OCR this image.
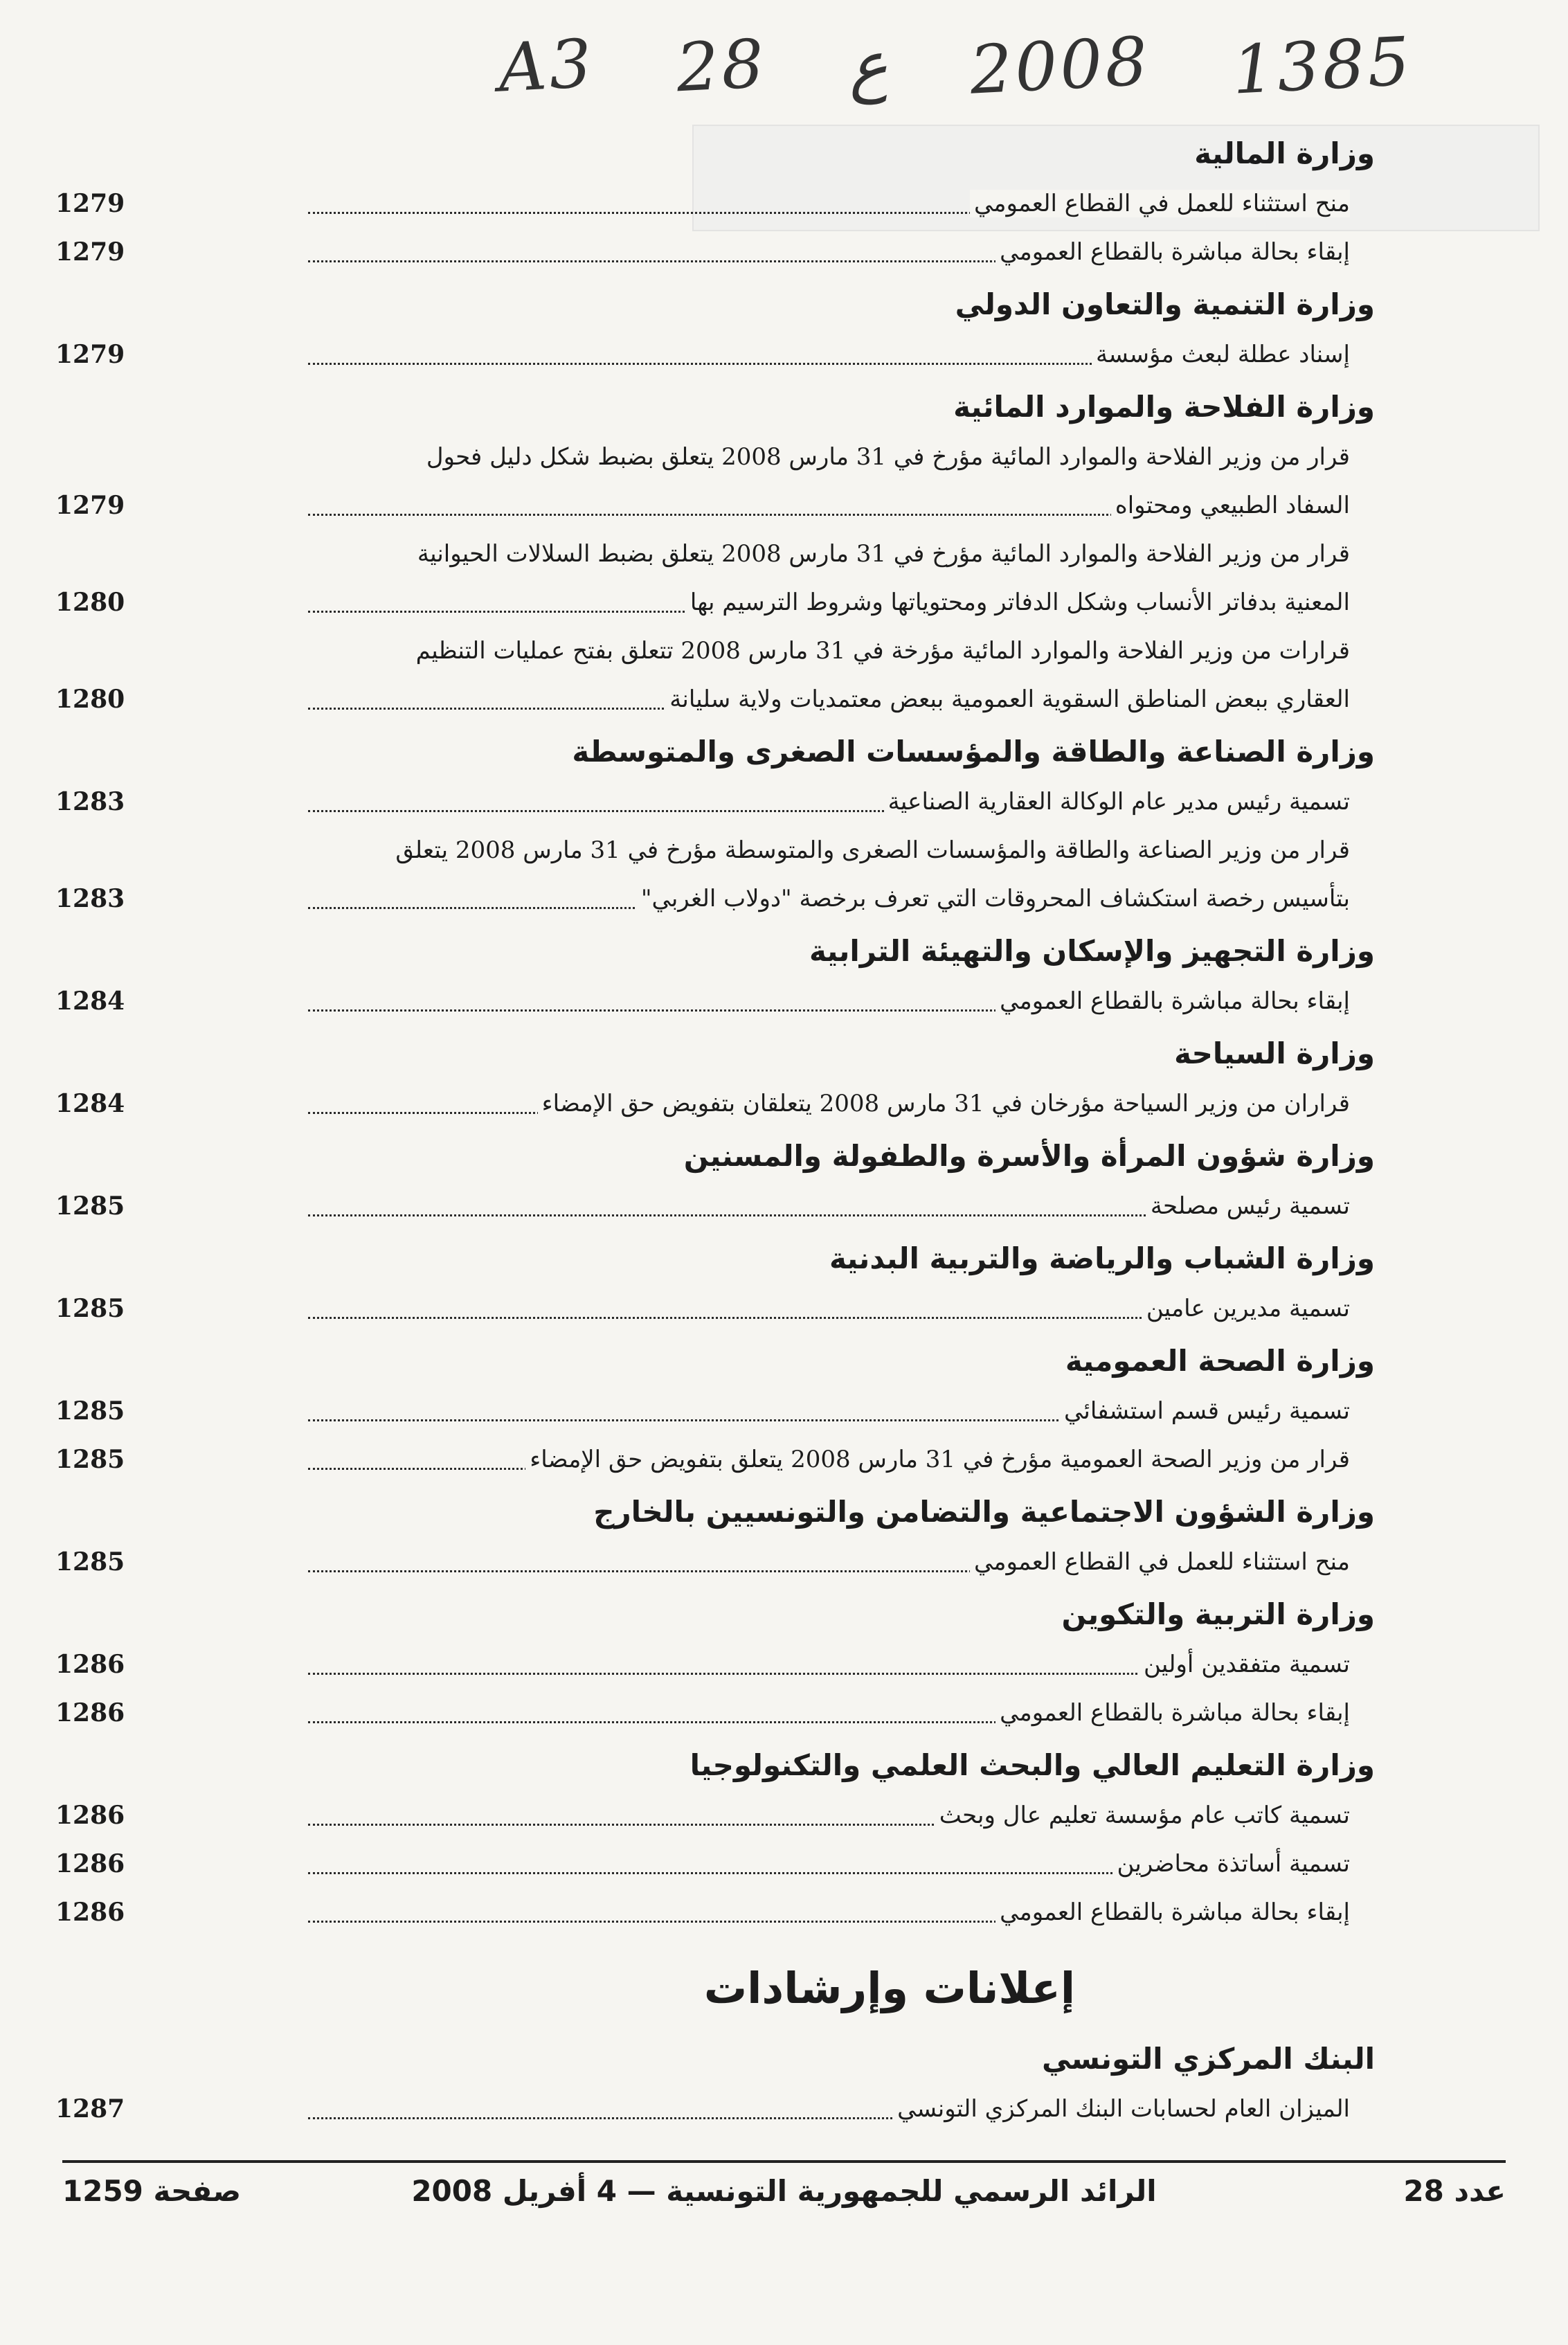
A3 28 ع 2008 1385
وزارة المالية
منح استثناء للعمل في القطاع العمومي
1279
إبقاء بحالة مباشرة بالقطاع العمومي
1279
وزارة التنمية والتعاون الدولي
إسناد عطلة لبعث مؤسسة
1279
وزارة الفلاحة والموارد المائية
قرار من وزير الفلاحة والموارد المائية مؤرخ في 31 مارس 2008 يتعلق بضبط شكل دليل فحول
السفاد الطبيعي ومحتواه
1279
قرار من وزير الفلاحة والموارد المائية مؤرخ في 31 مارس 2008 يتعلق بضبط السلالات الحيوانية
المعنية بدفاتر الأنساب وشكل الدفاتر ومحتوياتها وشروط الترسيم بها
1280
قرارات من وزير الفلاحة والموارد المائية مؤرخة في 31 مارس 2008 تتعلق بفتح عمليات التنظيم
العقاري ببعض المناطق السقوية العمومية ببعض معتمديات ولاية سليانة
1280
وزارة الصناعة والطاقة والمؤسسات الصغرى والمتوسطة
تسمية رئيس مدير عام الوكالة العقارية الصناعية
1283
قرار من وزير الصناعة والطاقة والمؤسسات الصغرى والمتوسطة مؤرخ في 31 مارس 2008 يتعلق
بتأسيس رخصة استكشاف المحروقات التي تعرف برخصة "دولاب الغربي"
1283
وزارة التجهيز والإسكان والتهيئة الترابية
إبقاء بحالة مباشرة بالقطاع العمومي
1284
وزارة السياحة
قراران من وزير السياحة مؤرخان في 31 مارس 2008 يتعلقان بتفويض حق الإمضاء
1284
وزارة شؤون المرأة والأسرة والطفولة والمسنين
تسمية رئيس مصلحة
1285
وزارة الشباب والرياضة والتربية البدنية
تسمية مديرين عامين
1285
وزارة الصحة العمومية
تسمية رئيس قسم استشفائي
1285
قرار من وزير الصحة العمومية مؤرخ في 31 مارس 2008 يتعلق بتفويض حق الإمضاء
1285
وزارة الشؤون الاجتماعية والتضامن والتونسيين بالخارج
منح استثناء للعمل في القطاع العمومي
1285
وزارة التربية والتكوين
تسمية متفقدين أولين
1286
إبقاء بحالة مباشرة بالقطاع العمومي
1286
وزارة التعليم العالي والبحث العلمي والتكنولوجيا
تسمية كاتب عام مؤسسة تعليم عال وبحث
1286
تسمية أساتذة محاضرين
1286
إبقاء بحالة مباشرة بالقطاع العمومي
1286
إعلانات وإرشادات
البنك المركزي التونسي
الميزان العام لحسابات البنك المركزي التونسي
1287
عدد 28
الرائد الرسمي للجمهورية التونسية — 4 أفريل 2008
صفحة 1259
